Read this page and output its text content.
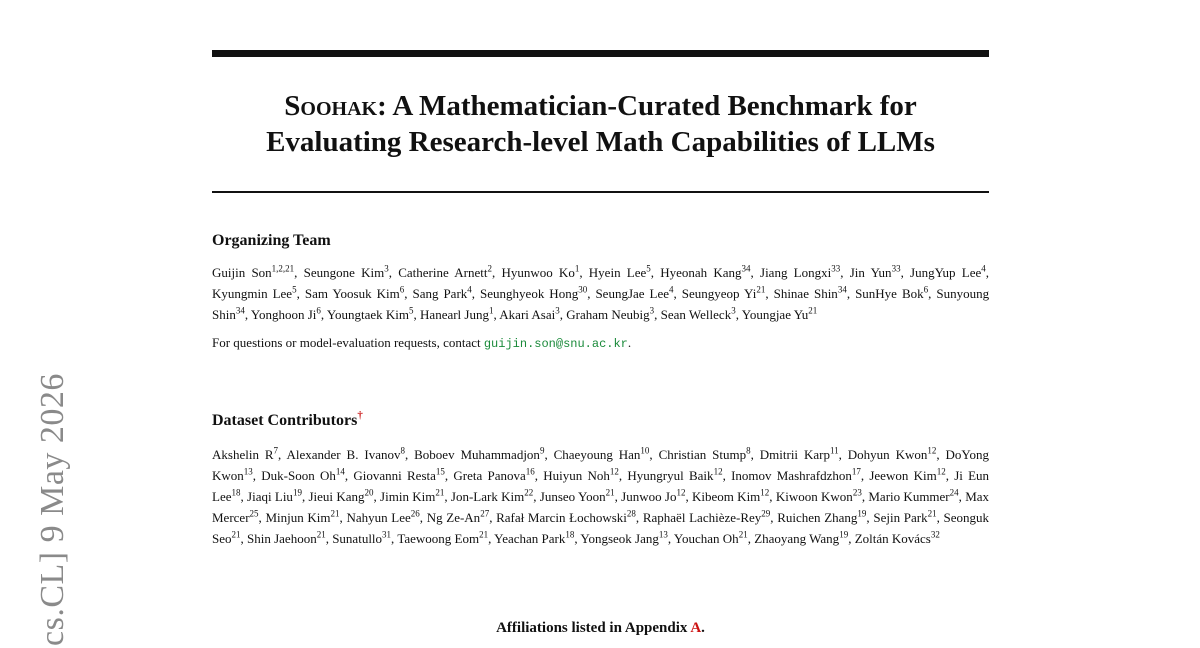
cs.CL] 9 May 2026
Soohak: A Mathematician-Curated Benchmark for
Evaluating Research-level Math Capabilities of LLMs

Organizing Team

Guijin Son$^{1,2,21}$, Seungone Kim$^3$, Catherine Arnett$^2$, Hyunwoo Ko$^1$, Hyein Lee$^5$, Hyeonah Kang$^{34}$, Jiang Longxi$^{33}$, Jin Yun$^{33}$, JungYup Lee$^4$, Kyungmin Lee$^5$, Sam Yoosuk Kim$^6$, Sang Park$^4$, Seunghyeok Hong$^{30}$, SeungJae Lee$^4$, Seungyeop Yi$^{21}$, Shinae Shin$^{34}$, SunHye Bok$^6$, Sunyoung Shin$^{34}$, Yonghoon Ji$^6$, Youngtaek Kim$^5$, Hanearl Jung$^1$, Akari Asai$^3$, Graham Neubig$^3$, Sean Welleck$^3$, Youngjae Yu$^{21}$

For questions or model-evaluation requests, contact guijin.son@snu.ac.kr.

Dataset Contributors†

Akshelin $R^7$, Alexander B. Ivanov$^8$, Boboev Muhammadjon$^9$, Chaeyoung Han$^{10}$, Christian Stump$^8$, Dmitrii Karp$^{11}$, Dohyun Kwon$^{12}$, DoYong Kwon$^{13}$, Duk-Soon Oh$^{14}$, Giovanni Resta$^{15}$, Greta Panova$^{16}$, Huiyun Noh$^{12}$, Hyungryul Baik$^{12}$, Inomov Mashrafdzhon$^{17}$, Jeewon Kim$^{12}$, Ji Eun Lee$^{18}$, Jiaqi Liu$^{19}$, Jieui Kang$^{20}$, Jimin Kim$^{21}$, Jon-Lark Kim$^{22}$, Junseo Yoon$^{21}$, Junwoo Jo$^{12}$, Kibeom Kim$^{12}$, Kiwoon Kwon$^{23}$, Mario Kummer$^{24}$, Max Mercer$^{25}$, Minjun Kim$^{21}$, Nahyun Lee$^{26}$, Ng Ze-An$^{27}$, Rafał Marcin Łochowski$^{28}$, Raphaël Lachièze-Rey$^{29}$, Ruichen Zhang$^{19}$, Sejin Park$^{21}$, Seonguk Seo$^{21}$, Shin Jaehoon$^{21}$, Sunatullo$^{31}$, Taewoong Eom$^{21}$, Yeachan Park$^{18}$, Yongseok Jang$^{13}$, Youchan Oh$^{21}$, Zhaoyang Wang$^{19}$, Zoltán Kovács$^{32}$

Affiliations listed in Appendix A.
